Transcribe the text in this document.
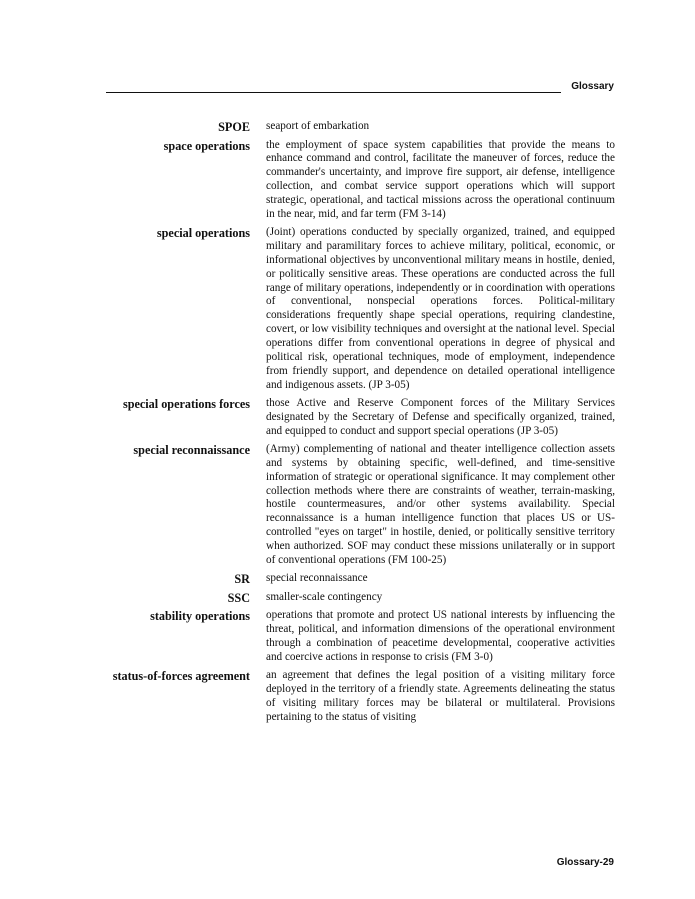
Glossary
SPOE seaport of embarkation
space operations the employment of space system capabilities that provide the means to enhance command and control, facilitate the maneuver of forces, reduce the commander's uncertainty, and improve fire support, air defense, intelligence collection, and combat service support operations which will support strategic, operational, and tactical missions across the operational continuum in the near, mid, and far term (FM 3-14)
special operations (Joint) operations conducted by specially organized, trained, and equipped military and paramilitary forces to achieve military, political, economic, or informational objectives by unconventional military means in hostile, denied, or politically sensitive areas. These operations are conducted across the full range of military operations, independently or in coordination with operations of conventional, nonspecial operations forces. Political-military considerations frequently shape special operations, requiring clandestine, covert, or low visibility techniques and oversight at the national level. Special operations differ from conventional operations in degree of physical and political risk, operational techniques, mode of employment, independence from friendly support, and dependence on detailed operational intelligence and indigenous assets. (JP 3-05)
special operations forces those Active and Reserve Component forces of the Military Services designated by the Secretary of Defense and specifically organized, trained, and equipped to conduct and support special operations (JP 3-05)
special reconnaissance (Army) complementing of national and theater intelligence collection assets and systems by obtaining specific, well-defined, and time-sensitive information of strategic or operational significance. It may complement other collection methods where there are constraints of weather, terrain-masking, hostile countermeasures, and/or other systems availability. Special reconnaissance is a human intelligence function that places US or US-controlled "eyes on target" in hostile, denied, or politically sensitive territory when authorized. SOF may conduct these missions unilaterally or in support of conventional operations (FM 100-25)
SR special reconnaissance
SSC smaller-scale contingency
stability operations operations that promote and protect US national interests by influencing the threat, political, and information dimensions of the operational environment through a combination of peacetime developmental, cooperative activities and coercive actions in response to crisis (FM 3-0)
status-of-forces agreement an agreement that defines the legal position of a visiting military force deployed in the territory of a friendly state. Agreements delineating the status of visiting military forces may be bilateral or multilateral. Provisions pertaining to the status of visiting
Glossary-29
